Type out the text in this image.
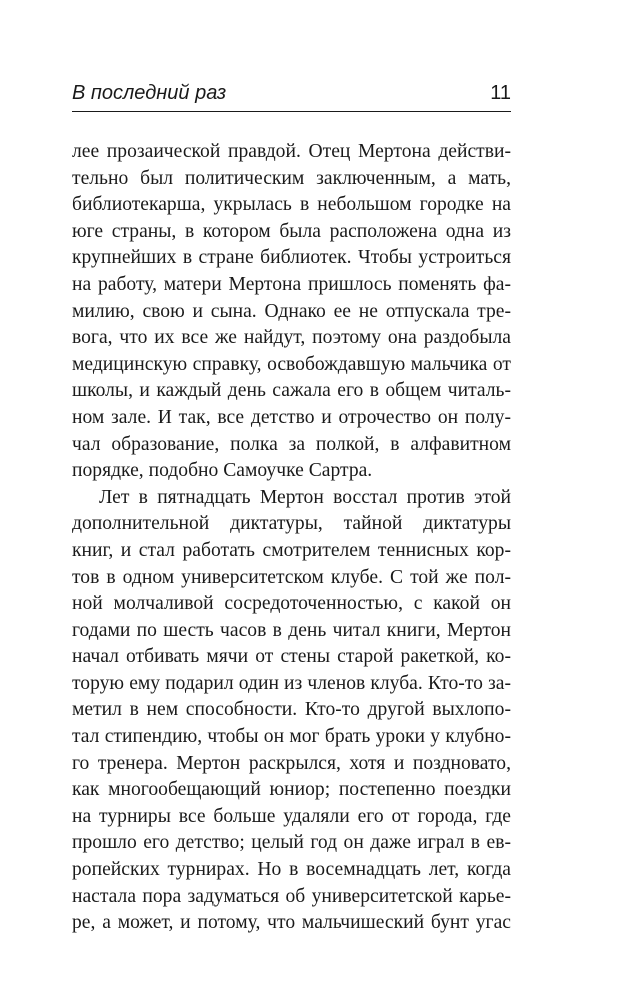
В последний раз	11
лее прозаической правдой. Отец Мертона действи-
тельно был политическим заключенным, а мать,
библиотекарша, укрылась в небольшом городке на
юге страны, в котором была расположена одна из
крупнейших в стране библиотек. Чтобы устроиться
на работу, матери Мертона пришлось поменять фа-
милию, свою и сына. Однако ее не отпускала тре-
вога, что их все же найдут, поэтому она раздобыла
медицинскую справку, освобождавшую мальчика от
школы, и каждый день сажала его в общем читаль-
ном зале. И так, все детство и отрочество он полу-
чал образование, полка за полкой, в алфавитном
порядке, подобно Самоучке Сартра.
Лет в пятнадцать Мертон восстал против этой
дополнительной диктатуры, тайной диктатуры
книг, и стал работать смотрителем теннисных кор-
тов в одном университетском клубе. С той же пол-
ной молчаливой сосредоточенностью, с какой он
годами по шесть часов в день читал книги, Мертон
начал отбивать мячи от стены старой ракеткой, ко-
торую ему подарил один из членов клуба. Кто-то за-
метил в нем способности. Кто-то другой выхлопо-
тал стипендию, чтобы он мог брать уроки у клубно-
го тренера. Мертон раскрылся, хотя и поздновато,
как многообещающий юниор; постепенно поездки
на турниры все больше удаляли его от города, где
прошло его детство; целый год он даже играл в ев-
ропейских турнирах. Но в восемнадцать лет, когда
настала пора задуматься об университетской карье-
ре, а может, и потому, что мальчишеский бунт угас
